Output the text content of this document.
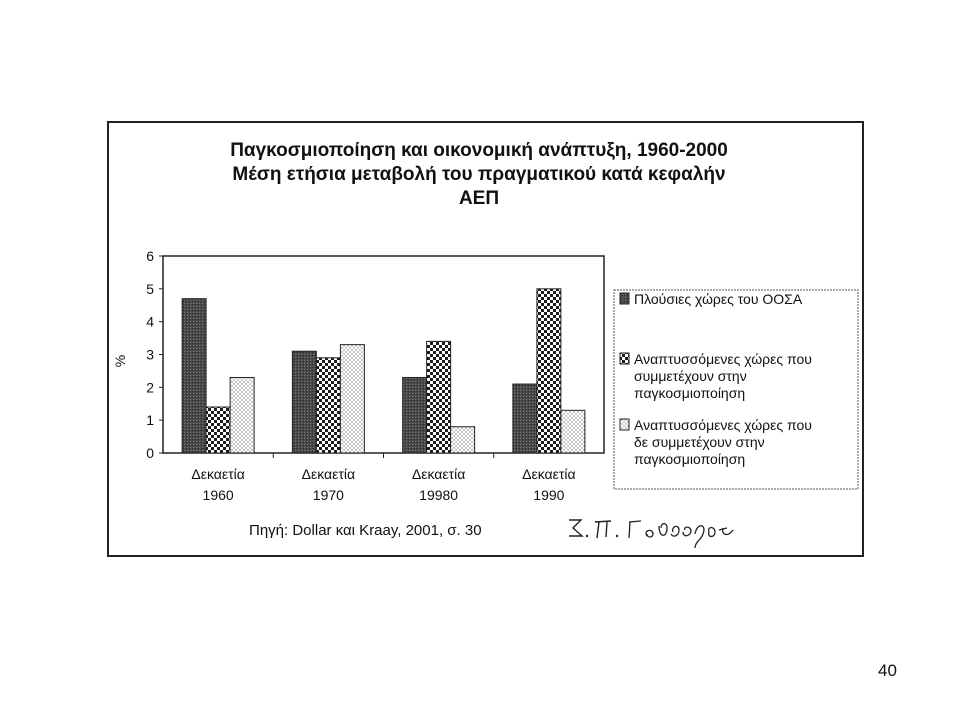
Παγκοσμιοποίηση και οικονομική ανάπτυξη, 1960-2000
Μέση ετήσια μεταβολή του πραγματικού κατά κεφαλήν
ΑΕΠ
0
1
2
3
4
5
6
%
Δεκαετία
1960
Δεκαετία
1970
Δεκαετία
19980
Δεκαετία
1990
Πλούσιες χώρες του ΟΟΣΑ
Αναπτυσσόμενες χώρες που
συμμετέχουν στην
παγκοσμιοποίηση
Αναπτυσσόμενες χώρες που
δε συμμετέχουν στην
παγκοσμιοποίηση
Πηγή: Dollar και Kraay, 2001, σ. 30
40
